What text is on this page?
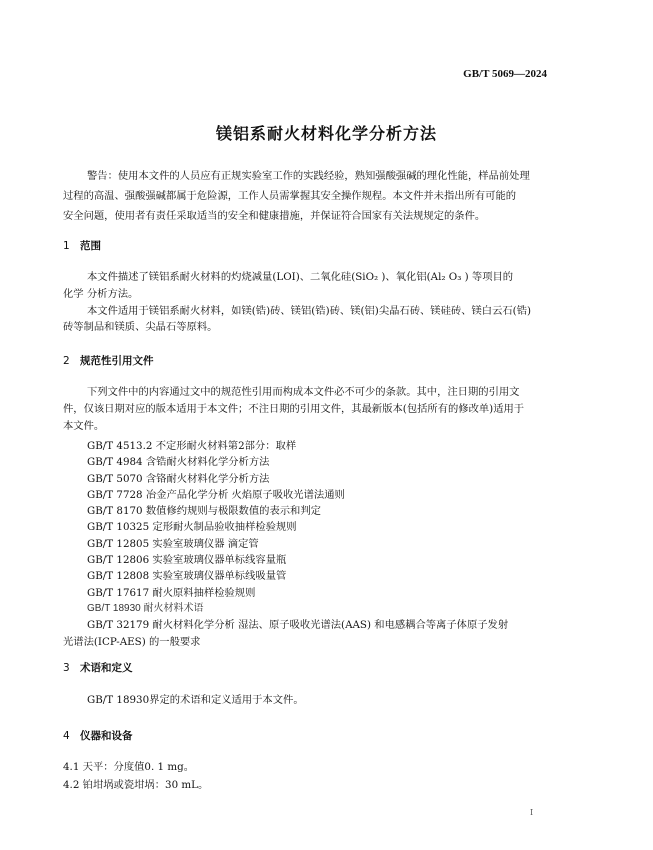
GB/T 5069—2024
镁铝系耐火材料化学分析方法

警告：使用本文件的人员应有正规实验室工作的实践经验，熟知强酸强碱的理化性能，样品前处理

过程的高温、强酸强碱都属于危险源，工作人员需掌握其安全操作规程。本文件并未指出所有可能的

安全问题，使用者有责任采取适当的安全和健康措施，并保证符合国家有关法规规定的条件。

1 范围

本文件描述了镁铝系耐火材料的灼烧减量(LOI)、二氧化硅(SiO₂ )、氧化铝(Al₂ O₃ ) 等项目的

化学 分析方法。

本文件适用于镁铝系耐火材料，如镁(锆)砖、镁铝(锆)砖、镁(铝)尖晶石砖、镁硅砖、镁白云石(锆)

砖等制品和镁质、尖晶石等原料。

2 规范性引用文件

下列文件中的内容通过文中的规范性引用而构成本文件必不可少的条款。其中，注日期的引用文

件，仅该日期对应的版本适用于本文件；不注日期的引用文件，其最新版本(包括所有的修改单)适用于

本文件。

GB/T 4513.2 不定形耐火材料第2部分：取样
GB/T 4984 含锆耐火材料化学分析方法
GB/T 5070 含铬耐火材料化学分析方法
GB/T 7728 冶金产品化学分析 火焰原子吸收光谱法通则
GB/T 8170 数值修约规则与极限数值的表示和判定
GB/T 10325 定形耐火制品验收抽样检验规则
GB/T 12805 实验室玻璃仪器 滴定管
GB/T 12806 实验室玻璃仪器单标线容量瓶
GB/T 12808 实验室玻璃仪器单标线吸量管
GB/T 17617 耐火原料抽样检验规则
GB/T 18930 耐火材料术语
GB/T 32179 耐火材料化学分析 湿法、原子吸收光谱法(AAS) 和电感耦合等离子体原子发射
光谱法(ICP-AES) 的一般要求
3 术语和定义

GB/T 18930界定的术语和定义适用于本文件。

4 仪器和设备
4.1 天平：分度值0. 1 mg。
4.2 铂坩埚或瓷坩埚：30 mL。
I
